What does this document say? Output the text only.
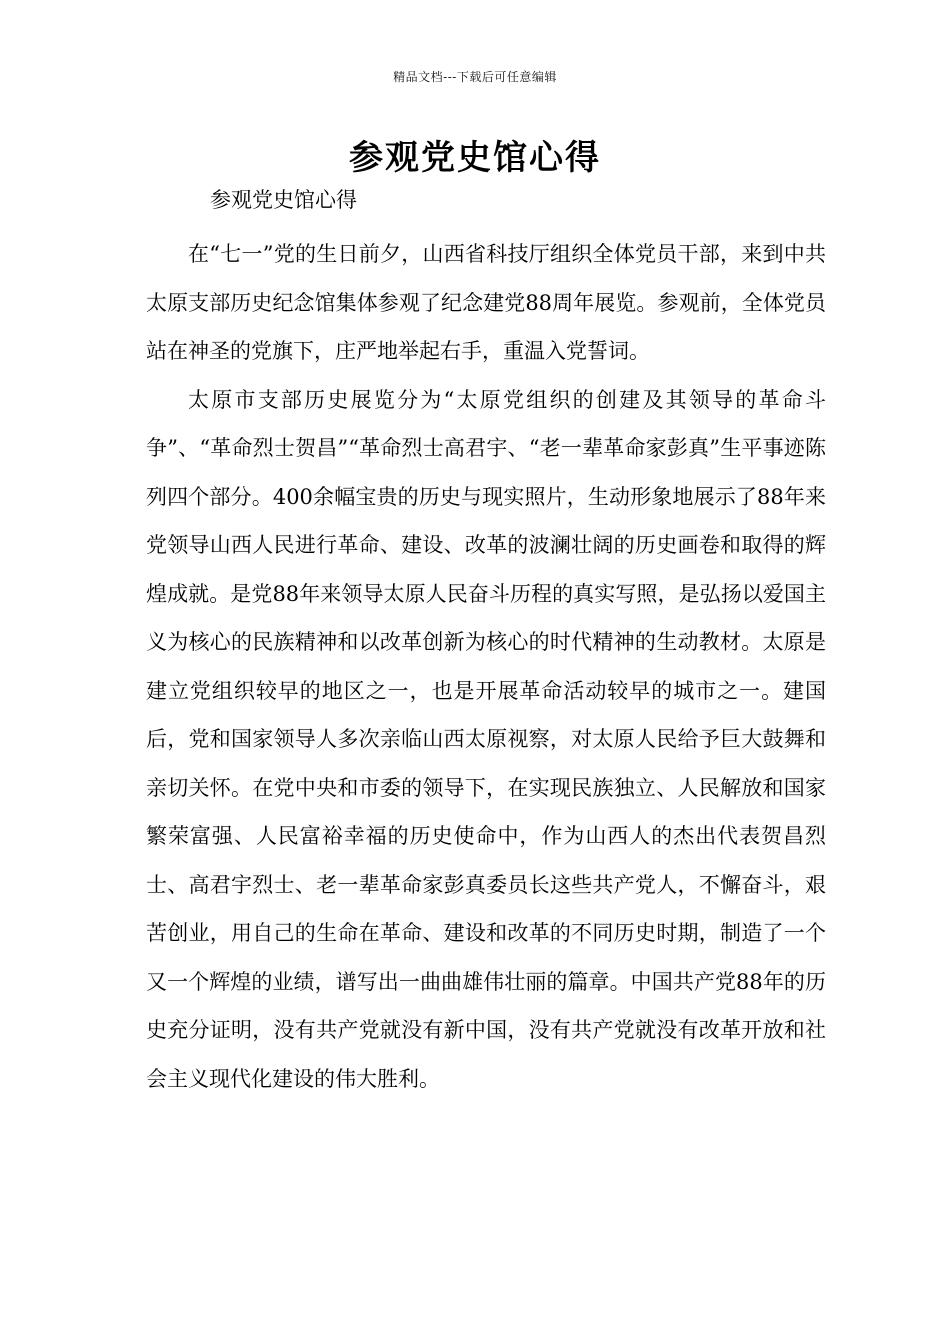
精品文档---下载后可任意编辑
参观党史馆心得
参观党史馆心得

在“七一”党的生日前夕，山西省科技厅组织全体党员干部，来到中共太原支部历史纪念馆集体参观了纪念建党88周年展览。参观前，全体党员站在神圣的党旗下，庄严地举起右手，重温入党誓词。

太原市支部历史展览分为“太原党组织的创建及其领导的革命斗争”、“革命烈士贺昌”“革命烈士高君宇、“老一辈革命家彭真”生平事迹陈列四个部分。400余幅宝贵的历史与现实照片，生动形象地展示了88年来党领导山西人民进行革命、建设、改革的波澜壮阔的历史画卷和取得的辉煌成就。是党88年来领导太原人民奋斗历程的真实写照，是弘扬以爱国主义为核心的民族精神和以改革创新为核心的时代精神的生动教材。太原是建立党组织较早的地区之一，也是开展革命活动较早的城市之一。建国后，党和国家领导人多次亲临山西太原视察，对太原人民给予巨大鼓舞和亲切关怀。在党中央和市委的领导下，在实现民族独立、人民解放和国家繁荣富强、人民富裕幸福的历史使命中，作为山西人的杰出代表贺昌烈士、高君宇烈士、老一辈革命家彭真委员长这些共产党人，不懈奋斗，艰苦创业，用自己的生命在革命、建设和改革的不同历史时期，制造了一个又一个辉煌的业绩，谱写出一曲曲雄伟壮丽的篇章。中国共产党88年的历史充分证明，没有共产党就没有新中国，没有共产党就没有改革开放和社会主义现代化建设的伟大胜利。
